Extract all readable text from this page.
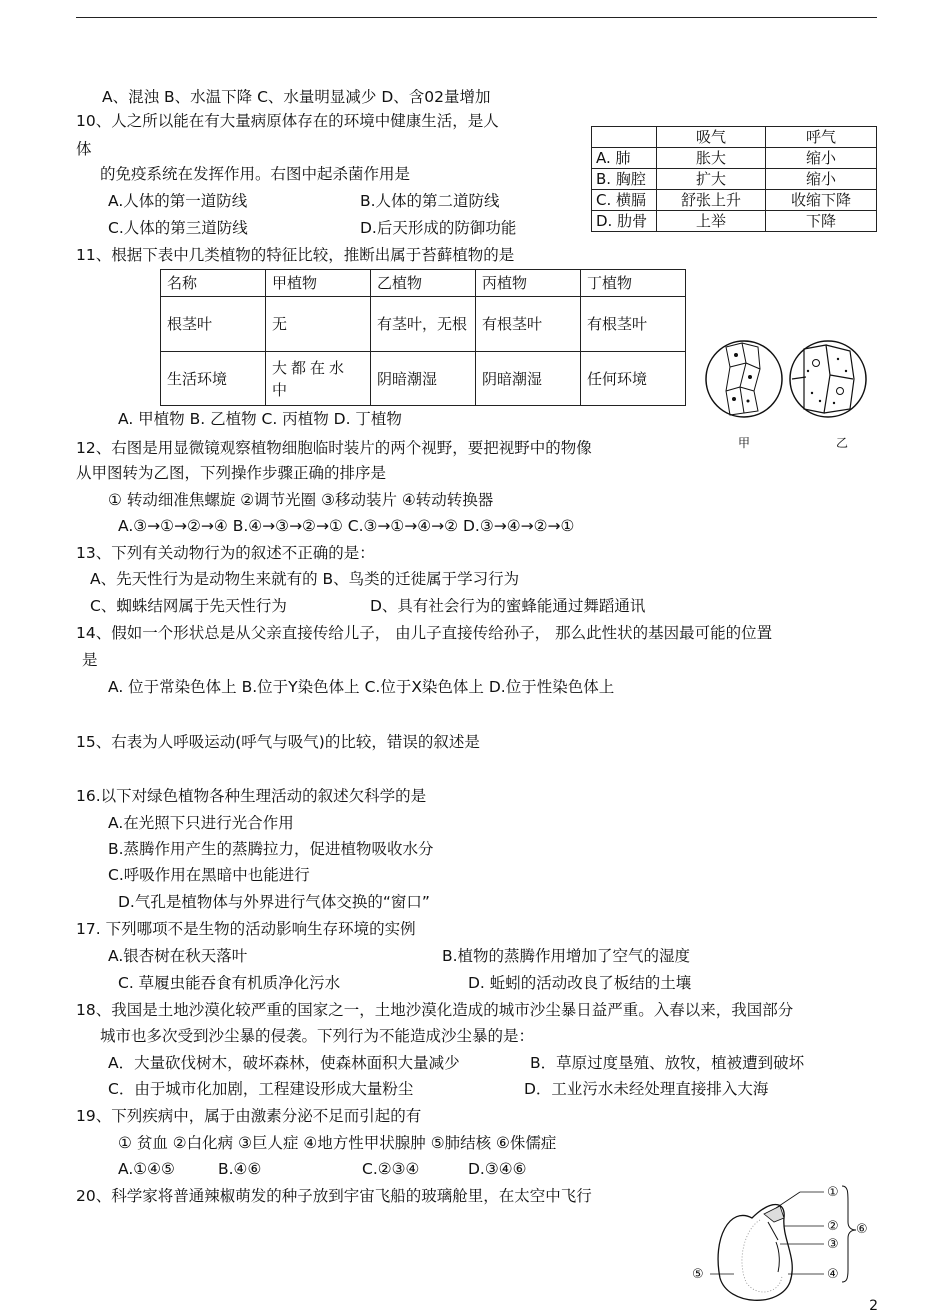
A、混浊 B、水温下降 C、水量明显减少 D、含02量增加
10、人之所以能在有大量病原体存在的环境中健康生活，是人
体
的免疫系统在发挥作用。右图中起杀菌作用是
A.人体的第一道防线	B.人体的第二道防线
C.人体的第三道防线	D.后天形成的防御功能
	吸气	呼气
A. 肺	胀大	缩小
B. 胸腔	扩大	缩小
C. 横膈	舒张上升	收缩下降
D. 肋骨	上举	下降
11、根据下表中几类植物的特征比较，推断出属于苔藓植物的是
名称	甲植物	乙植物	丙植物	丁植物
根茎叶	无	有茎叶，无根	有根茎叶	有根茎叶
生活环境	大都在水中	阴暗潮湿	阴暗潮湿	任何环境
A. 甲植物 B. 乙植物 C. 丙植物 D. 丁植物
甲	乙
12、右图是用显微镜观察植物细胞临时装片的两个视野，要把视野中的物像
从甲图转为乙图，下列操作步骤正确的排序是
① 转动细准焦螺旋 ②调节光圈 ③移动装片 ④转动转换器
A.③→①→②→④ B.④→③→②→① C.③→①→④→② D.③→④→②→①
13、下列有关动物行为的叙述不正确的是：
A、先天性行为是动物生来就有的 B、鸟类的迁徙属于学习行为
C、蜘蛛结网属于先天性行为	D、具有社会行为的蜜蜂能通过舞蹈通讯
14、假如一个形状总是从父亲直接传给儿子， 由儿子直接传给孙子， 那么此性状的基因最可能的位置
是
A. 位于常染色体上 B.位于Y染色体上 C.位于X染色体上 D.位于性染色体上
15、右表为人呼吸运动(呼气与吸气)的比较，错误的叙述是
16.以下对绿色植物各种生理活动的叙述欠科学的是
A.在光照下只进行光合作用
B.蒸腾作用产生的蒸腾拉力，促进植物吸收水分
C.呼吸作用在黑暗中也能进行
D.气孔是植物体与外界进行气体交换的“窗口”
17. 下列哪项不是生物的活动影响生存环境的实例
A.银杏树在秋天落叶	B.植物的蒸腾作用增加了空气的湿度
C. 草履虫能吞食有机质净化污水	D. 蚯蚓的活动改良了板结的土壤
18、我国是土地沙漠化较严重的国家之一，土地沙漠化造成的城市沙尘暴日益严重。入春以来，我国部分
城市也多次受到沙尘暴的侵袭。下列行为不能造成沙尘暴的是：
A．大量砍伐树木，破坏森林，使森林面积大量减少	B．草原过度垦殖、放牧，植被遭到破坏
C．由于城市化加剧，工程建设形成大量粉尘	D．工业污水未经处理直接排入大海
19、下列疾病中，属于由激素分泌不足而引起的有
① 贫血 ②白化病 ③巨人症 ④地方性甲状腺肿 ⑤肺结核 ⑥侏儒症
A.①④⑤	B.④⑥	C.②③④	D.③④⑥
20、科学家将普通辣椒萌发的种子放到宇宙飞船的玻璃舱里，在太空中飞行	①
②
③
④
⑤
⑥
2
